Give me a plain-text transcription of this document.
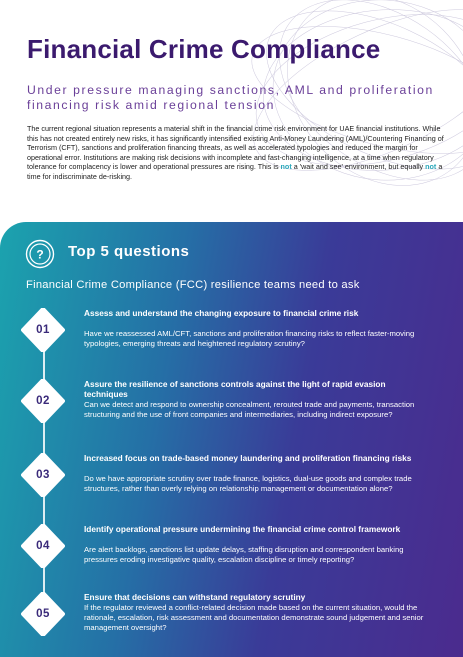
Financial Crime Compliance

Under pressure managing sanctions, AML and proliferation financing risk amid regional tension

The current regional situation represents a material shift in the financial crime risk environment for UAE financial institutions. While this has not created entirely new risks, it has significantly intensified existing Anti-Money Laundering (AML)/Countering Financing of Terrorism (CFT), sanctions and proliferation financing threats, as well as accelerated typologies and reduced the margin for operational error. Institutions are making risk decisions with incomplete and fast-changing intelligence, at a time when regulatory tolerance for complacency is lower and operational pressures are rising. This is not a 'wait and see' environment, but equally not a time for indiscriminate de-risking.

? Top 5 questions

Financial Crime Compliance (FCC) resilience teams need to ask

01

Assess and understand the changing exposure to financial crime risk

Have we reassessed AML/CFT, sanctions and proliferation financing risks to reflect faster-moving typologies, emerging threats and heightened regulatory scrutiny?

02

Assure the resilience of sanctions controls against the light of rapid evasion techniques

Can we detect and respond to ownership concealment, rerouted trade and payments, transaction structuring and the use of front companies and intermediaries, including indirect exposure?

03

Increased focus on trade-based money laundering and proliferation financing risks

Do we have appropriate scrutiny over trade finance, logistics, dual-use goods and complex trade structures, rather than overly relying on relationship management or documentation alone?

04

Identify operational pressure undermining the financial crime control framework

Are alert backlogs, sanctions list update delays, staffing disruption and correspondent banking pressures eroding investigative quality, escalation discipline or timely reporting?

05

Ensure that decisions can withstand regulatory scrutiny

If the regulator reviewed a conflict-related decision made based on the current situation, would the rationale, escalation, risk assessment and documentation demonstrate sound judgement and senior management oversight?
